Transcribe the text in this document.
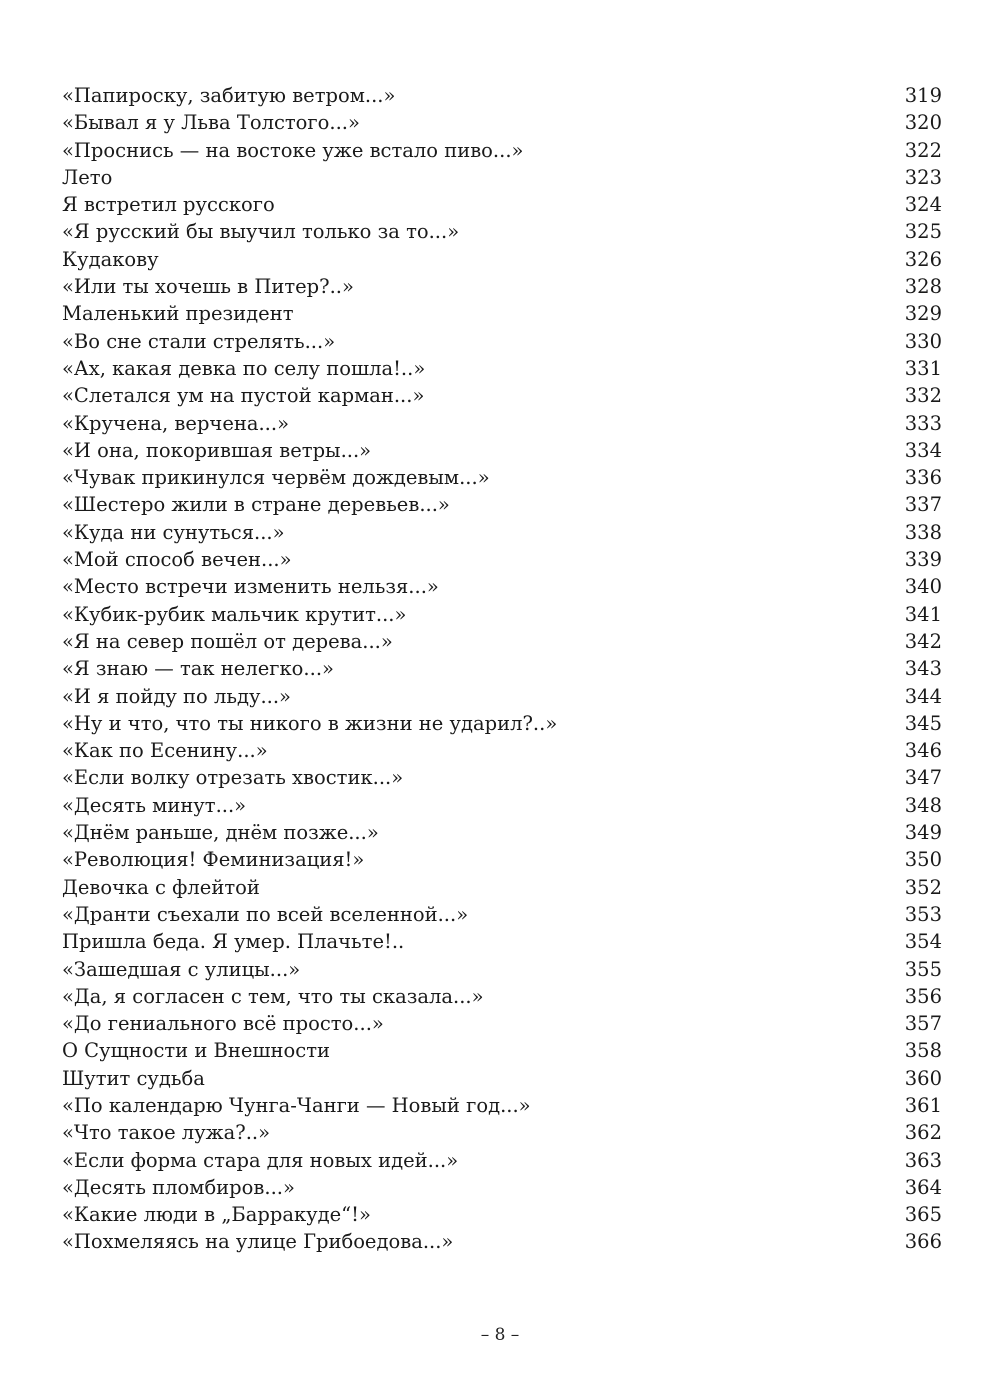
«Папироску, забитую ветром...»	319
«Бывал я у Льва Толстого...»	320
«Проснись — на востоке уже встало пиво...»	322
Лето	323
Я встретил русского	324
«Я русский бы выучил только за то...»	325
Кудакову	326
«Или ты хочешь в Питер?..»	328
Маленький президент	329
«Во сне стали стрелять...»	330
«Ах, какая девка по селу пошла!..»	331
«Слетался ум на пустой карман...»	332
«Кручена, верчена...»	333
«И она, покорившая ветры...»	334
«Чувак прикинулся червём дождевым...»	336
«Шестеро жили в стране деревьев...»	337
«Куда ни сунуться...»	338
«Мой способ вечен...»	339
«Место встречи изменить нельзя...»	340
«Кубик-рубик мальчик крутит...»	341
«Я на север пошёл от дерева...»	342
«Я знаю — так нелегко...»	343
«И я пойду по льду...»	344
«Ну и что, что ты никого в жизни не ударил?..»	345
«Как по Есенину...»	346
«Если волку отрезать хвостик...»	347
«Десять минут...»	348
«Днём раньше, днём позже...»	349
«Революция! Феминизация!»	350
Девочка с флейтой	352
«Дранти съехали по всей вселенной...»	353
Пришла беда. Я умер. Плачьте!..	354
«Зашедшая с улицы...»	355
«Да, я согласен с тем, что ты сказала...»	356
«До гениального всё просто...»	357
О Сущности и Внешности	358
Шутит судьба	360
«По календарю Чунга-Чанги — Новый год...»	361
«Что такое лужа?..»	362
«Если форма стара для новых идей...»	363
«Десять пломбиров...»	364
«Какие люди в „Барракуде“!»	365
«Похмеляясь на улице Грибоедова...»	366
– 8 –
